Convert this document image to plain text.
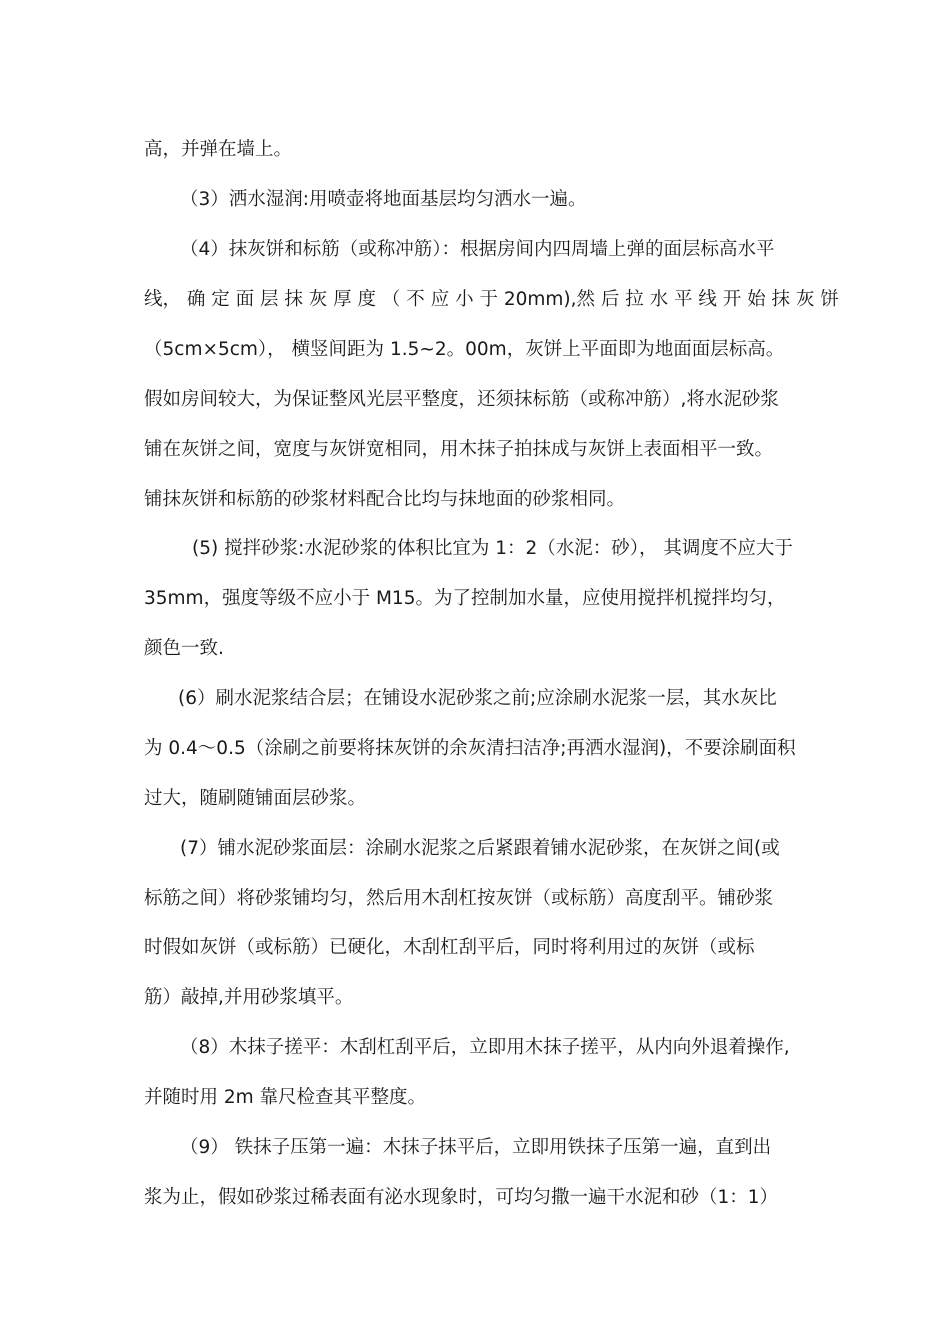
高，并弹在墙上。
（3）洒水湿润:用喷壶将地面基层均匀洒水一遍。
（4）抹灰饼和标筋（或称冲筋）：根据房间内四周墙上弹的面层标高水平
线， 确 定 面 层 抹 灰 厚 度 （ 不 应 小 于 20mm),然 后 拉 水 平 线 开 始 抹 灰 饼
（5cm×5cm）， 横竖间距为 1.5~2。00m，灰饼上平面即为地面面层标高。
假如房间较大，为保证整风光层平整度，还须抹标筋（或称冲筋）,将水泥砂浆
铺在灰饼之间，宽度与灰饼宽相同，用木抹子拍抹成与灰饼上表面相平一致。
铺抹灰饼和标筋的砂浆材料配合比均与抹地面的砂浆相同。
(5) 搅拌砂浆:水泥砂浆的体积比宜为 1：2（水泥：砂）， 其调度不应大于
35mm，强度等级不应小于 M15。为了控制加水量，应使用搅拌机搅拌均匀，
颜色一致.
(6）刷水泥浆结合层；在铺设水泥砂浆之前;应涂刷水泥浆一层，其水灰比
为 0.4～0.5（涂刷之前要将抹灰饼的余灰清扫洁净;再洒水湿润)，不要涂刷面积
过大，随刷随铺面层砂浆。
(7）铺水泥砂浆面层：涂刷水泥浆之后紧跟着铺水泥砂浆，在灰饼之间(或
标筋之间）将砂浆铺均匀，然后用木刮杠按灰饼（或标筋）高度刮平。铺砂浆
时假如灰饼（或标筋）已硬化，木刮杠刮平后，同时将利用过的灰饼（或标
筋）敲掉,并用砂浆填平。
（8）木抹子搓平：木刮杠刮平后，立即用木抹子搓平，从内向外退着操作,
并随时用 2m 靠尺检查其平整度。
（9） 铁抹子压第一遍：木抹子抹平后，立即用铁抹子压第一遍，直到出
浆为止，假如砂浆过稀表面有泌水现象时，可均匀撒一遍干水泥和砂（1：1）
